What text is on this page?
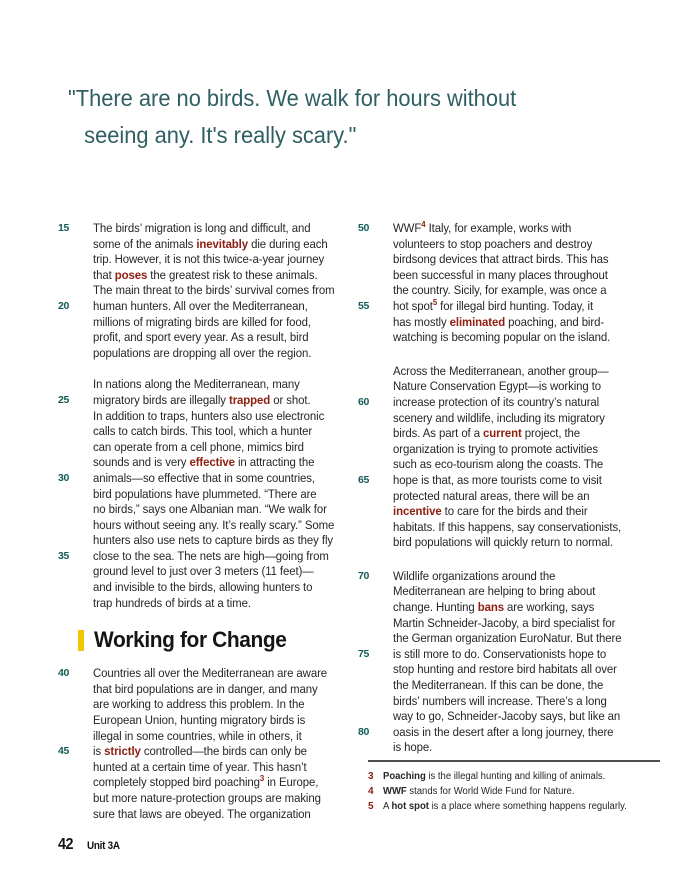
"There are no birds. We walk for hours without
seeing any. It's really scary."
15 The birds’ migration is long and difficult, and
some of the animals inevitably die during each
trip. However, it is not this twice-a-year journey
that poses the greatest risk to these animals.
The main threat to the birds’ survival comes from
20 human hunters. All over the Mediterranean,
millions of migrating birds are killed for food,
profit, and sport every year. As a result, bird
populations are dropping all over the region.
In nations along the Mediterranean, many
25 migratory birds are illegally trapped or shot.
In addition to traps, hunters also use electronic
calls to catch birds. This tool, which a hunter
can operate from a cell phone, mimics bird
sounds and is very effective in attracting the
30 animals—so effective that in some countries,
bird populations have plummeted. “There are
no birds,” says one Albanian man. “We walk for
hours without seeing any. It’s really scary.” Some
hunters also use nets to capture birds as they fly
35 close to the sea. The nets are high—going from
ground level to just over 3 meters (11 feet)—
and invisible to the birds, allowing hunters to
trap hundreds of birds at a time.
Working for Change
40 Countries all over the Mediterranean are aware
that bird populations are in danger, and many
are working to address this problem. In the
European Union, hunting migratory birds is
illegal in some countries, while in others, it
45 is strictly controlled—the birds can only be
hunted at a certain time of year. This hasn’t
completely stopped bird poaching$^3$ in Europe,
but more nature-protection groups are making
sure that laws are obeyed. The organization
50 WWF$^4$ Italy, for example, works with
volunteers to stop poachers and destroy
birdsong devices that attract birds. This has
been successful in many places throughout
the country. Sicily, for example, was once a
55 hot spot$^5$ for illegal bird hunting. Today, it
has mostly eliminated poaching, and bird-
watching is becoming popular on the island.
Across the Mediterranean, another group—
Nature Conservation Egypt—is working to
60 increase protection of its country’s natural
scenery and wildlife, including its migratory
birds. As part of a current project, the
organization is trying to promote activities
such as eco-tourism along the coasts. The
65 hope is that, as more tourists come to visit
protected natural areas, there will be an
incentive to care for the birds and their
habitats. If this happens, say conservationists,
bird populations will quickly return to normal.
70 Wildlife organizations around the
Mediterranean are helping to bring about
change. Hunting bans are working, says
Martin Schneider-Jacoby, a bird specialist for
the German organization EuroNatur. But there
75 is still more to do. Conservationists hope to
stop hunting and restore bird habitats all over
the Mediterranean. If this can be done, the
birds’ numbers will increase. There’s a long
way to go, Schneider-Jacoby says, but like an
80 oasis in the desert after a long journey, there
is hope.
3 Poaching is the illegal hunting and killing of animals.
4 WWF stands for World Wide Fund for Nature.
5 A hot spot is a place where something happens regularly.
42 Unit 3A
